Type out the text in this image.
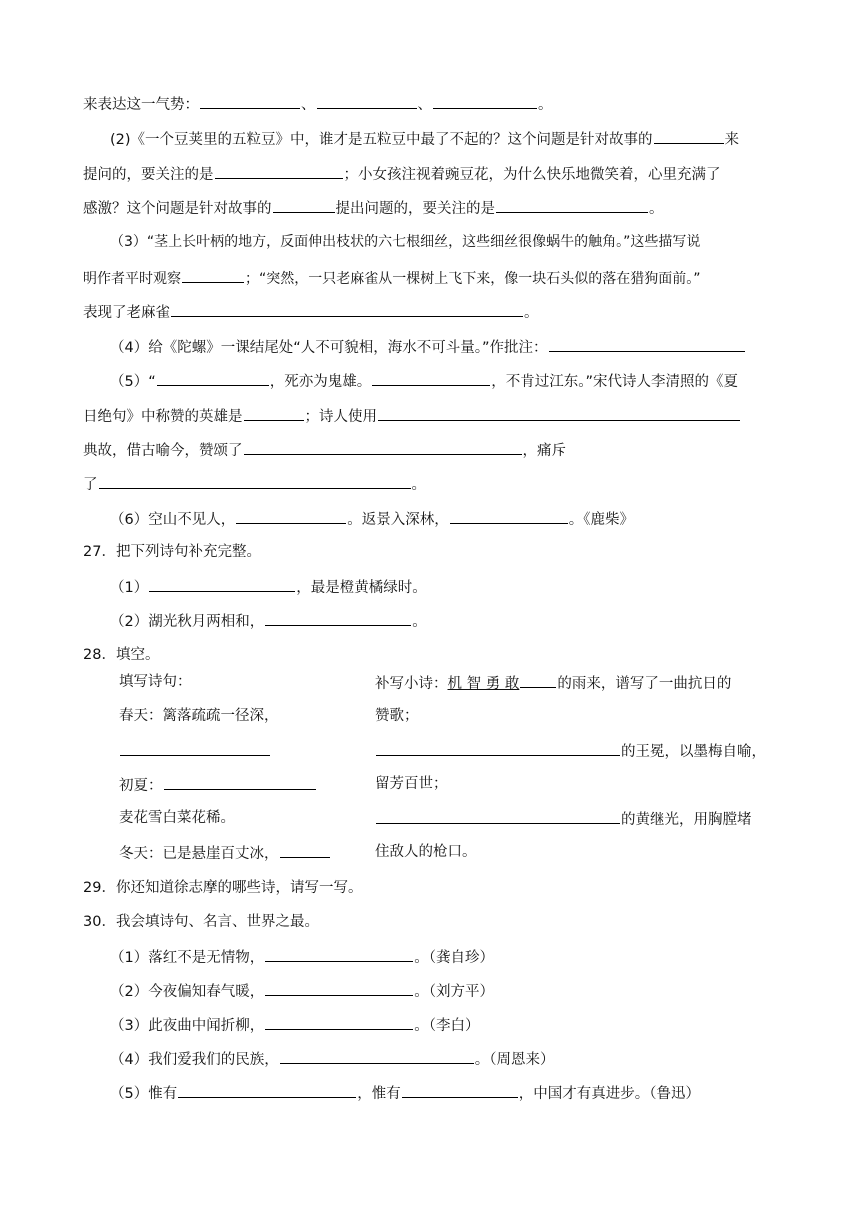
来表达这一气势：	、	、	。
(2)《一个豆荚里的五粒豆》中，谁才是五粒豆中最了不起的？这个问题是针对故事的	来
提问的，要关注的是	；小女孩注视着豌豆花，为什么快乐地微笑着，心里充满了
感激？这个问题是针对故事的	提出问题的，要关注的是	。
（3）“茎上长叶柄的地方，反面伸出枝状的六七根细丝，这些细丝很像蜗牛的触角。”这些描写说
明作者平时观察	；“突然，一只老麻雀从一棵树上飞下来，像一块石头似的落在猎狗面前。”
表现了老麻雀	。
（4）给《陀螺》一课结尾处“人不可貌相，海水不可斗量。”作批注：
（5）“	，死亦为鬼雄。	，不肯过江东。”宋代诗人李清照的《夏
日绝句》中称赞的英雄是	；诗人使用
典故，借古喻今，赞颂了	，痛斥
了	。
（6）空山不见人，	。返景入深林，	。《鹿柴》
27．把下列诗句补充完整。
（1）	，最是橙黄橘绿时。
（2）湖光秋月两相和，	。
28．填空。
填写诗句：
春天：篱落疏疏一径深，
初夏：
麦花雪白菜花稀。
冬天：已是悬崖百丈冰，
补写小诗：机 智 勇 敢	的雨来，谱写了一曲抗日的
赞歌；
的王冕，以墨梅自喻，
留芳百世；
的黄继光，用胸膛堵
住敌人的枪口。
29．你还知道徐志摩的哪些诗，请写一写。
30．我会填诗句、名言、世界之最。
（1）落红不是无情物，	。（龚自珍）
（2）今夜偏知春气暖，	。（刘方平）
（3）此夜曲中闻折柳，	。（李白）
（4）我们爱我们的民族，	。（周恩来）
（5）惟有	，惟有	，中国才有真进步。（鲁迅）
